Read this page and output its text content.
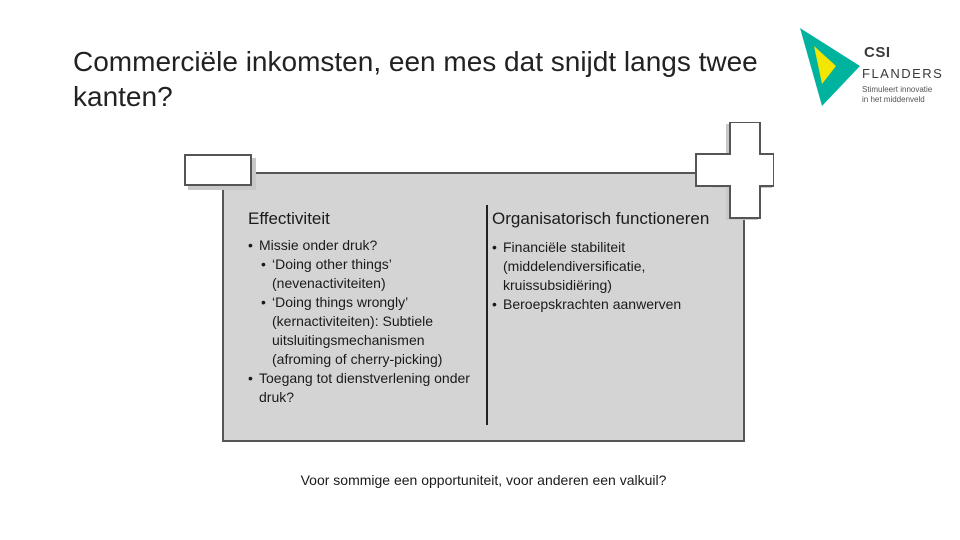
Commerciële inkomsten, een mes dat snijdt langs twee kanten?
CSI
FLANDERS
Stimuleert innovatie
in het middenveld
Effectiviteit
• Missie onder druk?
• ‘Doing other things’ (nevenactiviteiten)
• ‘Doing things wrongly’ (kernactiviteiten): Subtiele uitsluitingsmechanismen (afroming of cherry-picking)
• Toegang tot dienstverlening onder druk?
Organisatorisch functioneren
• Financiële stabiliteit (middelendiversificatie, kruissubsidiëring)
• Beroepskrachten aanwerven
Voor sommige een opportuniteit, voor anderen een valkuil?
